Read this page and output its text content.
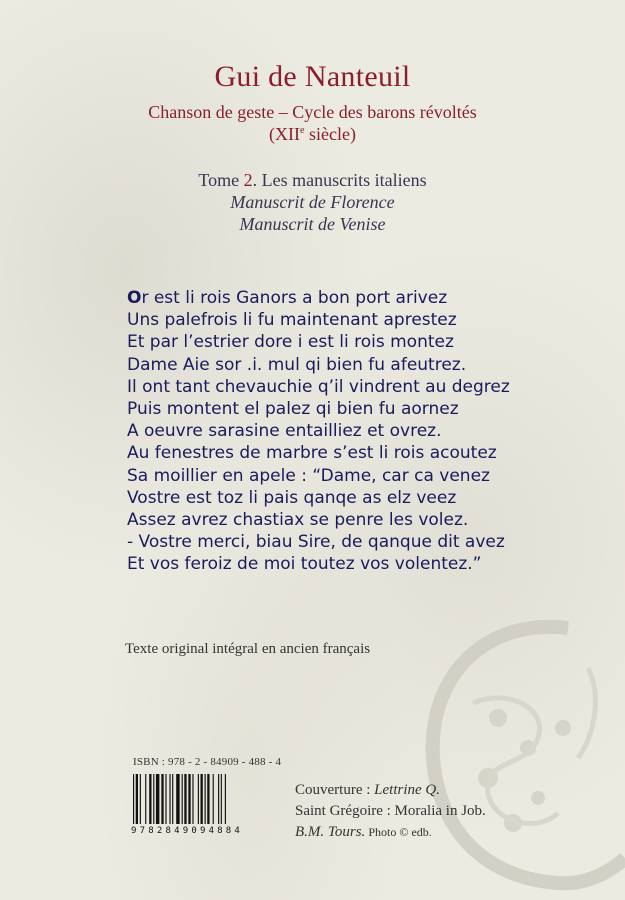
Gui de Nanteuil
Chanson de geste – Cycle des barons révoltés
(XIIe siècle)
Tome 2. Les manuscrits italiens
Manuscrit de Florence
Manuscrit de Venise
Or est li rois Ganors a bon port arivez
Uns palefrois li fu maintenant aprestez
Et par l’estrier dore i est li rois montez
Dame Aie sor .i. mul qi bien fu afeutrez.
Il ont tant chevauchie q’il vindrent au degrez
Puis montent el palez qi bien fu aornez
A oeuvre sarasine entailliez et ovrez.
Au fenestres de marbre s’est li rois acoutez
Sa moillier en apele : “Dame, car ca venez
Vostre est toz li pais qanqe as elz veez
Assez avrez chastiax se penre les volez.
- Vostre merci, biau Sire, de qanque dit avez
Et vos feroiz de moi toutez vos volentez.”
Texte original intégral en ancien français
ISBN : 978 - 2 - 84909 - 488 - 4
9782849094884
Couverture : Lettrine Q.
Saint Grégoire : Moralia in Job.
B.M. Tours. Photo © edb.
